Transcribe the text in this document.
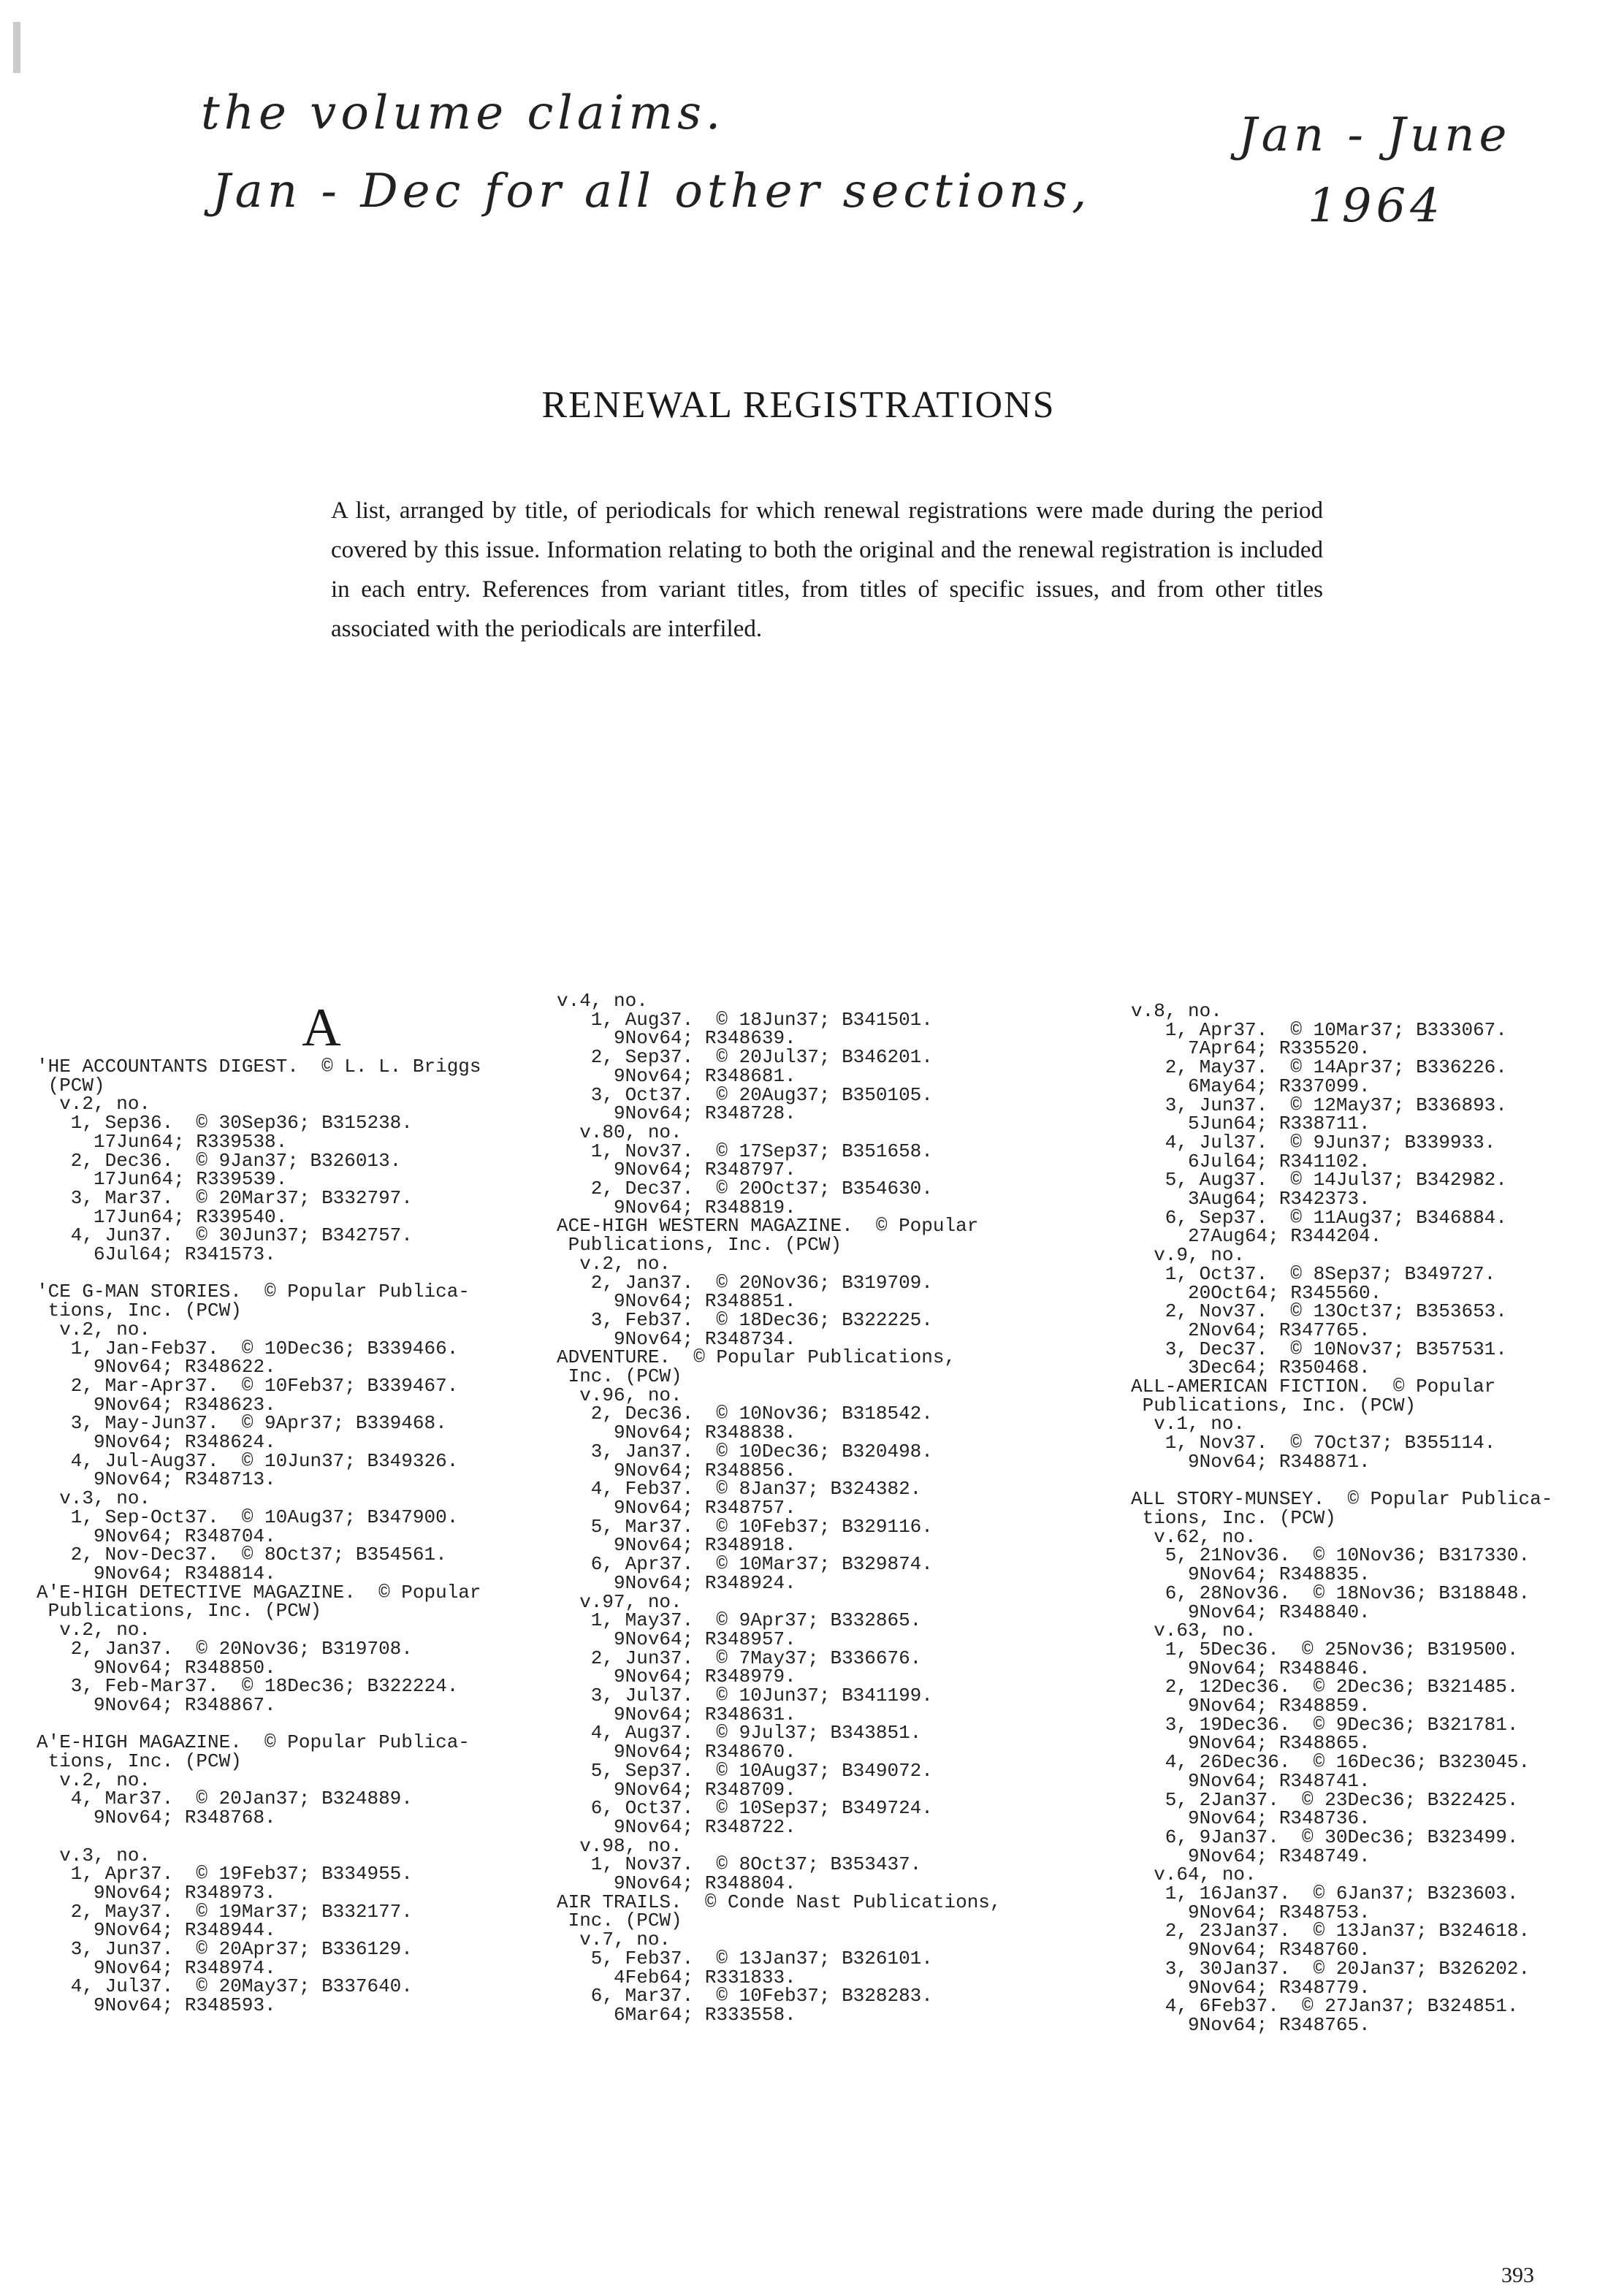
the volume claims.
Jan - Dec for all other sections,
Jan - June
1964
RENEWAL REGISTRATIONS

A list, arranged by title, of periodicals for which renewal registrations were made during the period covered by this issue. Information relating to both the original and the renewal registration is included in each entry. References from variant titles, from titles of specific issues, and from other titles associated with the periodicals are interfiled.

A
'HE ACCOUNTANTS DIGEST.  © L. L. Briggs
(PCW)
v.2, no.
1, Sep36.  © 30Sep36; B315238.
17Jun64; R339538.
2, Dec36.  © 9Jan37; B326013.
17Jun64; R339539.
3, Mar37.  © 20Mar37; B332797.
17Jun64; R339540.
4, Jun37.  © 30Jun37; B342757.
6Jul64; R341573.

'CE G-MAN STORIES.  © Popular Publica-
tions, Inc. (PCW)
v.2, no.
1, Jan-Feb37.  © 10Dec36; B339466.
9Nov64; R348622.
2, Mar-Apr37.  © 10Feb37; B339467.
9Nov64; R348623.
3, May-Jun37.  © 9Apr37; B339468.
9Nov64; R348624.
4, Jul-Aug37.  © 10Jun37; B349326.
9Nov64; R348713.
v.3, no.
1, Sep-Oct37.  © 10Aug37; B347900.
9Nov64; R348704.
2, Nov-Dec37.  © 8Oct37; B354561.
9Nov64; R348814.
A'E-HIGH DETECTIVE MAGAZINE.  © Popular
Publications, Inc. (PCW)
v.2, no.
2, Jan37.  © 20Nov36; B319708.
9Nov64; R348850.
3, Feb-Mar37.  © 18Dec36; B322224.
9Nov64; R348867.

A'E-HIGH MAGAZINE.  © Popular Publica-
tions, Inc. (PCW)
v.2, no.
4, Mar37.  © 20Jan37; B324889.
9Nov64; R348768.

v.3, no.
1, Apr37.  © 19Feb37; B334955.
9Nov64; R348973.
2, May37.  © 19Mar37; B332177.
9Nov64; R348944.
3, Jun37.  © 20Apr37; B336129.
9Nov64; R348974.
4, Jul37.  © 20May37; B337640.
9Nov64; R348593.
v.4, no.
1, Aug37.  © 18Jun37; B341501.
9Nov64; R348639.
2, Sep37.  © 20Jul37; B346201.
9Nov64; R348681.
3, Oct37.  © 20Aug37; B350105.
9Nov64; R348728.
v.80, no.
1, Nov37.  © 17Sep37; B351658.
9Nov64; R348797.
2, Dec37.  © 20Oct37; B354630.
9Nov64; R348819.
ACE-HIGH WESTERN MAGAZINE.  © Popular
Publications, Inc. (PCW)
v.2, no.
2, Jan37.  © 20Nov36; B319709.
9Nov64; R348851.
3, Feb37.  © 18Dec36; B322225.
9Nov64; R348734.
ADVENTURE.  © Popular Publications,
Inc. (PCW)
v.96, no.
2, Dec36.  © 10Nov36; B318542.
9Nov64; R348838.
3, Jan37.  © 10Dec36; B320498.
9Nov64; R348856.
4, Feb37.  © 8Jan37; B324382.
9Nov64; R348757.
5, Mar37.  © 10Feb37; B329116.
9Nov64; R348918.
6, Apr37.  © 10Mar37; B329874.
9Nov64; R348924.
v.97, no.
1, May37.  © 9Apr37; B332865.
9Nov64; R348957.
2, Jun37.  © 7May37; B336676.
9Nov64; R348979.
3, Jul37.  © 10Jun37; B341199.
9Nov64; R348631.
4, Aug37.  © 9Jul37; B343851.
9Nov64; R348670.
5, Sep37.  © 10Aug37; B349072.
9Nov64; R348709.
6, Oct37.  © 10Sep37; B349724.
9Nov64; R348722.
v.98, no.
1, Nov37.  © 8Oct37; B353437.
9Nov64; R348804.
AIR TRAILS.  © Conde Nast Publications,
Inc. (PCW)
v.7, no.
5, Feb37.  © 13Jan37; B326101.
4Feb64; R331833.
6, Mar37.  © 10Feb37; B328283.
6Mar64; R333558.
v.8, no.
1, Apr37.  © 10Mar37; B333067.
7Apr64; R335520.
2, May37.  © 14Apr37; B336226.
6May64; R337099.
3, Jun37.  © 12May37; B336893.
5Jun64; R338711.
4, Jul37.  © 9Jun37; B339933.
6Jul64; R341102.
5, Aug37.  © 14Jul37; B342982.
3Aug64; R342373.
6, Sep37.  © 11Aug37; B346884.
27Aug64; R344204.
v.9, no.
1, Oct37.  © 8Sep37; B349727.
20Oct64; R345560.
2, Nov37.  © 13Oct37; B353653.
2Nov64; R347765.
3, Dec37.  © 10Nov37; B357531.
3Dec64; R350468.
ALL-AMERICAN FICTION.  © Popular
Publications, Inc. (PCW)
v.1, no.
1, Nov37.  © 7Oct37; B355114.
9Nov64; R348871.

ALL STORY-MUNSEY.  © Popular Publica-
tions, Inc. (PCW)
v.62, no.
5, 21Nov36.  © 10Nov36; B317330.
9Nov64; R348835.
6, 28Nov36.  © 18Nov36; B318848.
9Nov64; R348840.
v.63, no.
1, 5Dec36.  © 25Nov36; B319500.
9Nov64; R348846.
2, 12Dec36.  © 2Dec36; B321485.
9Nov64; R348859.
3, 19Dec36.  © 9Dec36; B321781.
9Nov64; R348865.
4, 26Dec36.  © 16Dec36; B323045.
9Nov64; R348741.
5, 2Jan37.  © 23Dec36; B322425.
9Nov64; R348736.
6, 9Jan37.  © 30Dec36; B323499.
9Nov64; R348749.
v.64, no.
1, 16Jan37.  © 6Jan37; B323603.
9Nov64; R348753.
2, 23Jan37.  © 13Jan37; B324618.
9Nov64; R348760.
3, 30Jan37.  © 20Jan37; B326202.
9Nov64; R348779.
4, 6Feb37.  © 27Jan37; B324851.
9Nov64; R348765.
393
